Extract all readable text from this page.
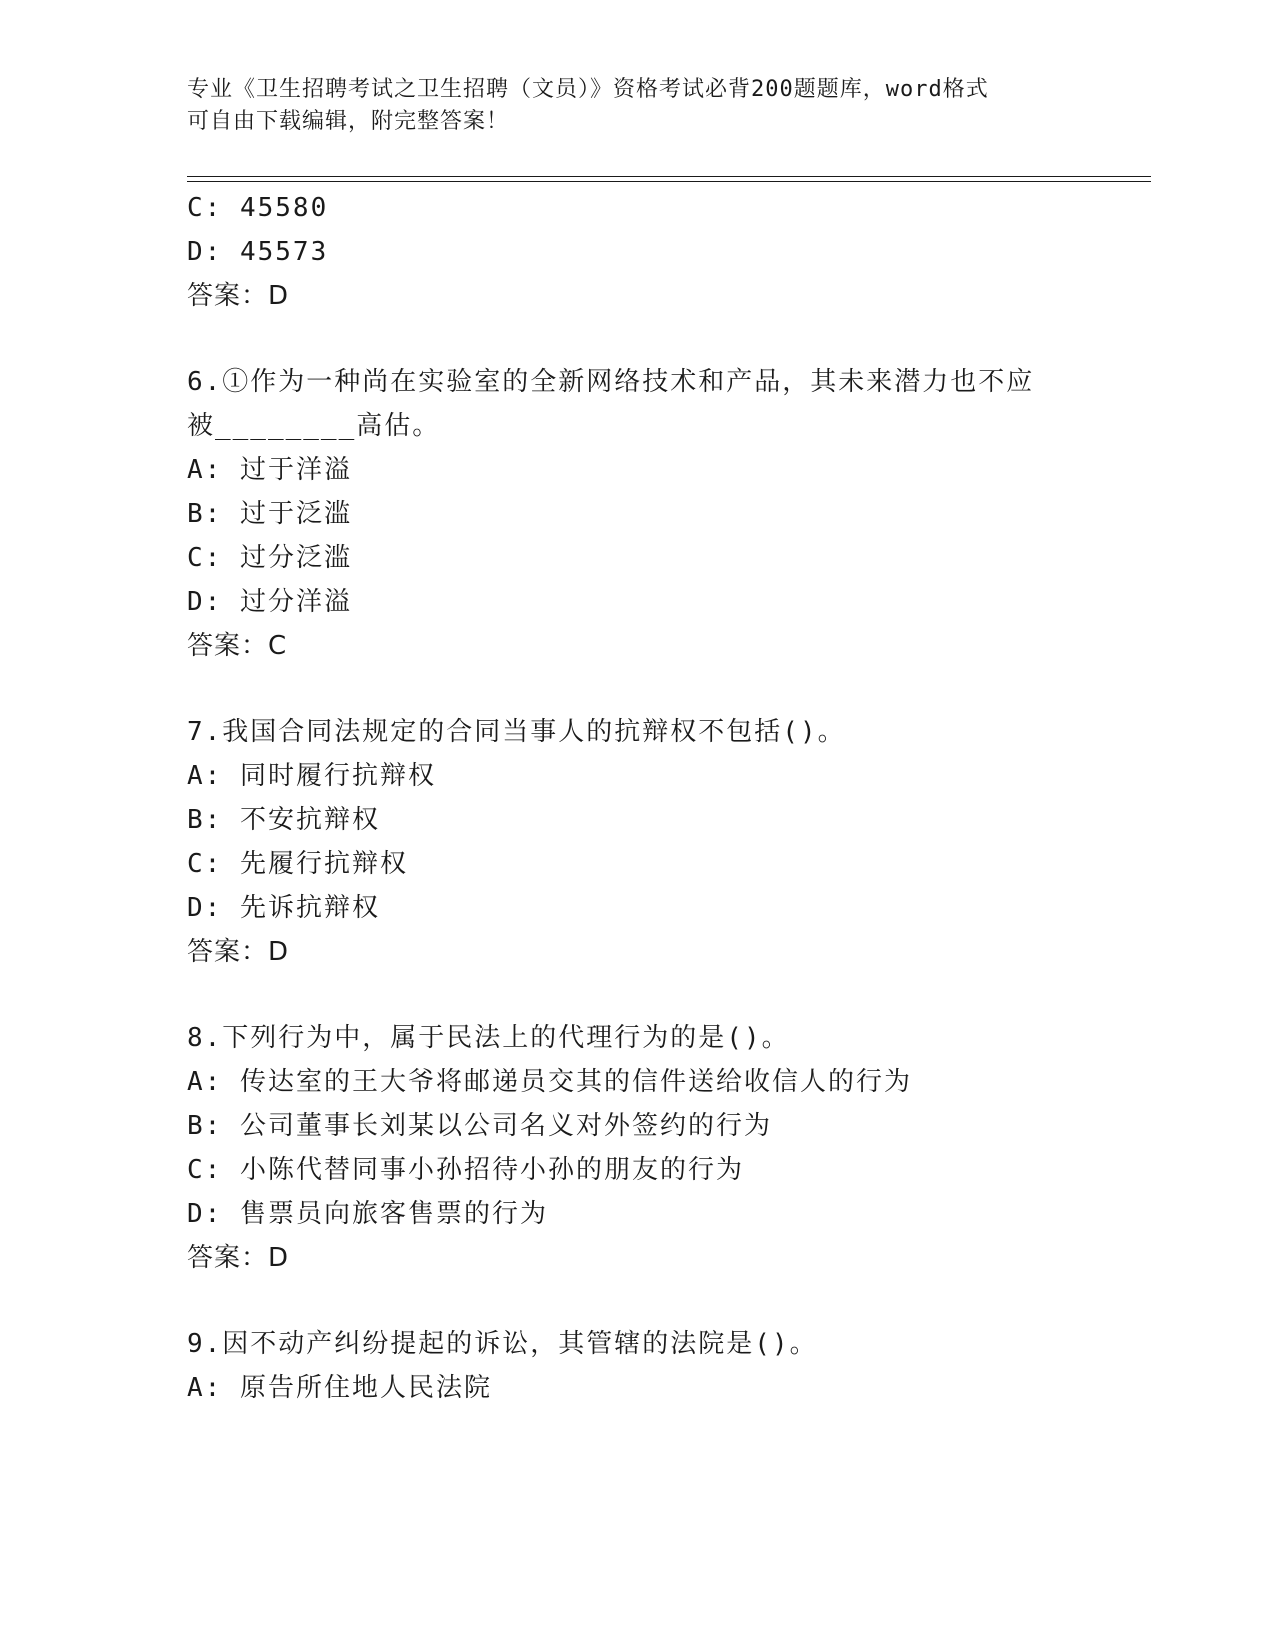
专业《卫生招聘考试之卫生招聘（文员）》资格考试必背200题题库，word格式
可自由下载编辑，附完整答案！
C: 45580
D: 45573
答案：D
6.①作为一种尚在实验室的全新网络技术和产品，其未来潜力也不应
被________高估。
A: 过于洋溢
B: 过于泛滥
C: 过分泛滥
D: 过分洋溢
答案：C
7.我国合同法规定的合同当事人的抗辩权不包括()。
A: 同时履行抗辩权
B: 不安抗辩权
C: 先履行抗辩权
D: 先诉抗辩权
答案：D
8.下列行为中，属于民法上的代理行为的是()。
A: 传达室的王大爷将邮递员交其的信件送给收信人的行为
B: 公司董事长刘某以公司名义对外签约的行为
C: 小陈代替同事小孙招待小孙的朋友的行为
D: 售票员向旅客售票的行为
答案：D
9.因不动产纠纷提起的诉讼，其管辖的法院是()。
A: 原告所住地人民法院
